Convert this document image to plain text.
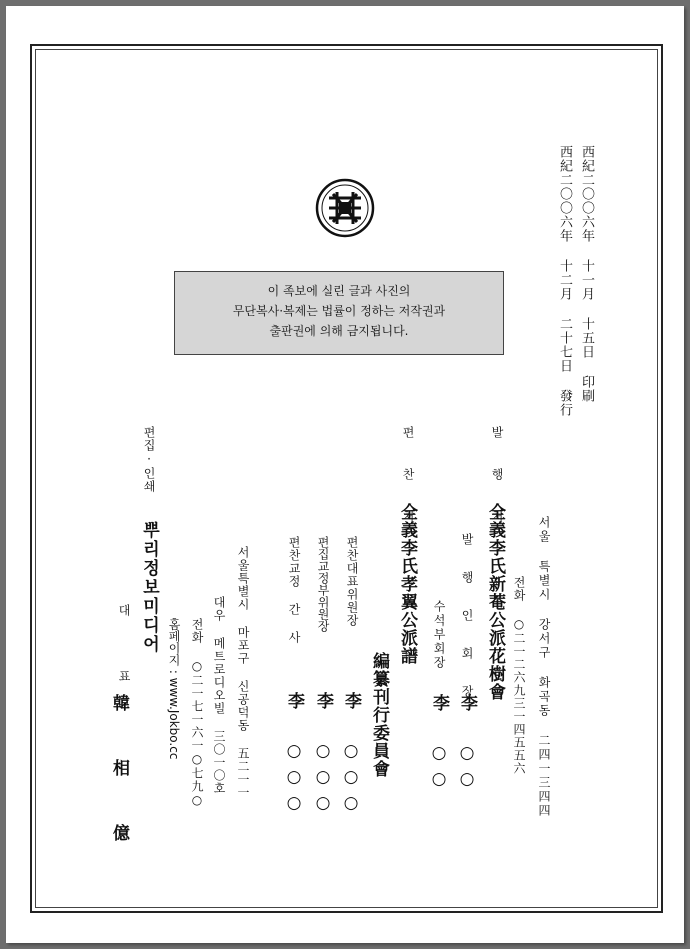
西紀二〇〇六年 十一月 十五日 印刷
西紀二〇〇六年 十二月 二十七日 發行
이 족보에 실린 글과 사진의
무단복사·복제는 법률이 정하는 저작권과
출판권에 의해 금지됩니다.
서울 특별시 강서구 화곡동 二四一三四四
전화 ○二一二六九三一四五五六
발 행 처
全義李氏新菴公派花樹會
발 행 인 회 장
李 ○○
수석부회장
李 ○○
편 찬 처
全義李氏孝翼公派譜
編纂刊行委員會
편찬대표위원장
李 ○○○
편집교정부위원장
李 ○○○
편찬교정 간 사
李 ○○○
서울특별시 마포구 신공덕동 五二一一
대우 메트로디오빌 三〇一〇호
전화 ○二一七一六一○七九○
홈페이지 : www.Jokbo.cc
편집·인쇄
뿌리정보미디어
대 표
韓 相 億
